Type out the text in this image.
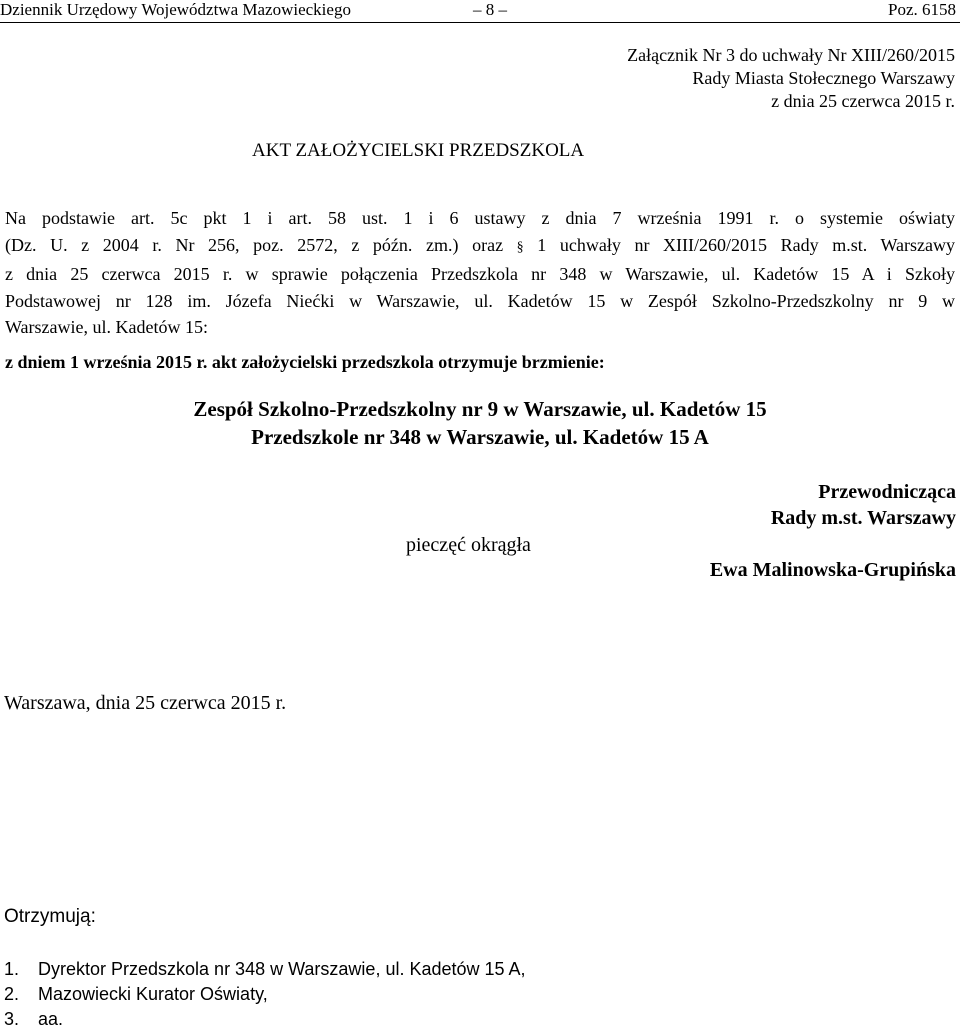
Dziennik Urzędowy Województwa Mazowieckiego	– 8 –	Poz. 6158
Załącznik Nr 3 do uchwały Nr XIII/260/2015
Rady Miasta Stołecznego Warszawy
z dnia 25 czerwca 2015 r.
AKT ZAŁOŻYCIELSKI PRZEDSZKOLA
Na podstawie art. 5c pkt 1 i art. 58 ust. 1 i 6 ustawy z dnia 7 września 1991 r. o systemie oświaty
(Dz. U. z 2004 r. Nr 256, poz. 2572, z późn. zm.) oraz § 1 uchwały nr XIII/260/2015 Rady m.st. Warszawy
z dnia 25 czerwca 2015 r. w sprawie połączenia Przedszkola nr 348 w Warszawie, ul. Kadetów 15 A i Szkoły
Podstawowej nr 128 im. Józefa Niećki w Warszawie, ul. Kadetów 15 w Zespół Szkolno-Przedszkolny nr 9 w
Warszawie, ul. Kadetów 15:
z dniem 1 września 2015 r. akt założycielski przedszkola otrzymuje brzmienie:
Zespół Szkolno-Przedszkolny nr 9 w Warszawie, ul. Kadetów 15
Przedszkole nr 348 w Warszawie, ul. Kadetów 15 A
Przewodnicząca
Rady m.st. Warszawy
Ewa Malinowska-Grupińska
pieczęć okrągła
Warszawa, dnia 25 czerwca 2015 r.
Otrzymują:
1. Dyrektor Przedszkola nr 348 w Warszawie, ul. Kadetów 15 A,
2. Mazowiecki Kurator Oświaty,
3. aa.
